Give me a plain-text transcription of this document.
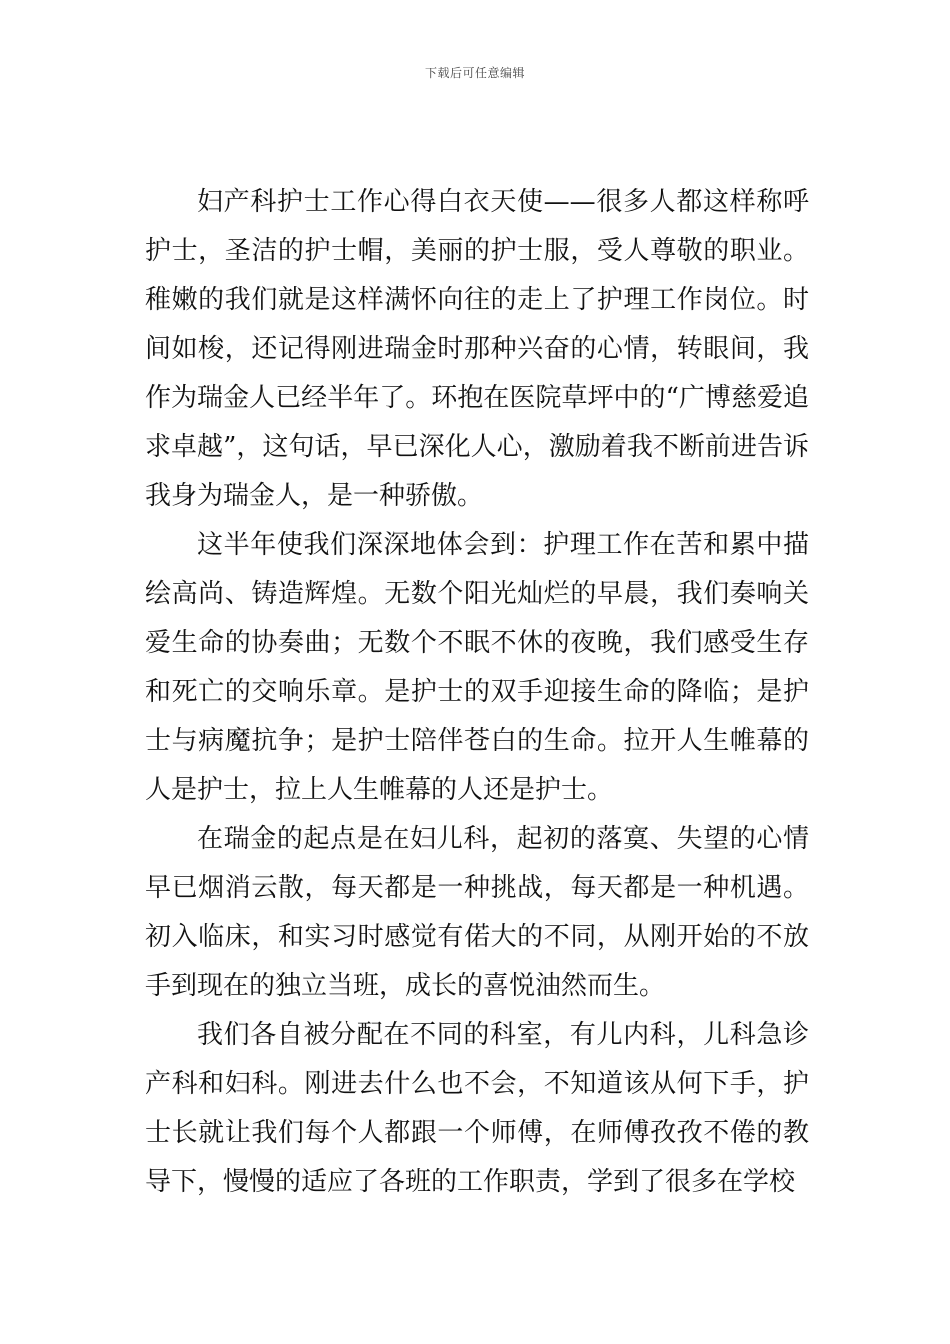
下载后可任意编辑

妇产科护士工作心得白衣天使——很多人都这样称呼护士，圣洁的护士帽，美丽的护士服，受人尊敬的职业。稚嫩的我们就是这样满怀向往的走上了护理工作岗位。时间如梭，还记得刚进瑞金时那种兴奋的心情，转眼间，我作为瑞金人已经半年了。环抱在医院草坪中的“广博慈爱追求卓越”，这句话，早已深化人心，激励着我不断前进告诉我身为瑞金人，是一种骄傲。

这半年使我们深深地体会到：护理工作在苦和累中描绘高尚、铸造辉煌。无数个阳光灿烂的早晨，我们奏响关爱生命的协奏曲；无数个不眠不休的夜晚，我们感受生存和死亡的交响乐章。是护士的双手迎接生命的降临；是护士与病魔抗争；是护士陪伴苍白的生命。拉开人生帷幕的人是护士，拉上人生帷幕的人还是护士。

在瑞金的起点是在妇儿科，起初的落寞、失望的心情早已烟消云散，每天都是一种挑战，每天都是一种机遇。初入临床，和实习时感觉有偌大的不同，从刚开始的不放手到现在的独立当班，成长的喜悦油然而生。

我们各自被分配在不同的科室，有儿内科，儿科急诊产科和妇科。刚进去什么也不会，不知道该从何下手，护士长就让我们每个人都跟一个师傅，在师傅孜孜不倦的教导下，慢慢的适应了各班的工作职责，学到了很多在学校
